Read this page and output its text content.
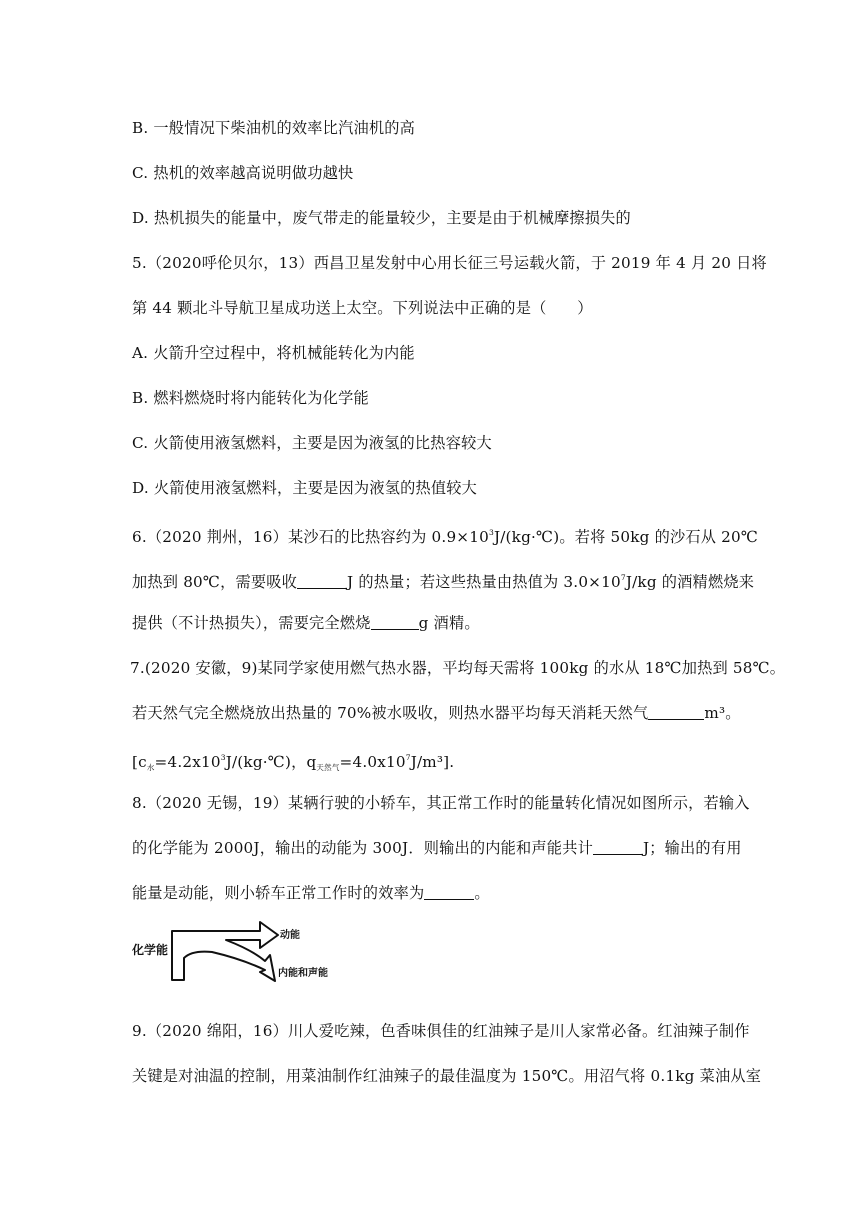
B. 一般情况下柴油机的效率比汽油机的高
C. 热机的效率越高说明做功越快
D. 热机损失的能量中，废气带走的能量较少，主要是由于机械摩擦损失的
5.（2020呼伦贝尔，13）西昌卫星发射中心用长征三号运载火箭，于 2019 年 4 月 20 日将
第 44 颗北斗导航卫星成功送上太空。下列说法中正确的是（　　）
A. 火箭升空过程中，将机械能转化为内能
B. 燃料燃烧时将内能转化为化学能
C. 火箭使用液氢燃料，主要是因为液氢的比热容较大
D. 火箭使用液氢燃料，主要是因为液氢的热值较大
6.（2020 荆州，16）某沙石的比热容约为 $0.9\times 10^3J/(kg\cdot℃)$。若将 50kg 的沙石从 20℃
加热到 80℃，需要吸收	J 的热量；若这些热量由热值为 $3.0\times 10^7J/kg$ 的酒精燃烧来
提供（不计热损失），需要完全燃烧	g 酒精。
7.(2020 安徽，9)某同学家使用燃气热水器，平均每天需将 100kg 的水从 18℃加热到 58℃。
若天然气完全燃烧放出热量的 70%被水吸收，则热水器平均每天消耗天然气	m³。
[$c_水=4.2x10^3J/(kg\cdot℃)$，$q_{天然气}=4.0x10^7J/m^3$].
8.（2020 无锡，19）某辆行驶的小轿车，其正常工作时的能量转化情况如图所示，若输入
的化学能为 2000J，输出的动能为 300J．则输出的内能和声能共计	J；输出的有用
能量是动能，则小轿车正常工作时的效率为	。
化学能
动能
内能和声能
9.（2020 绵阳，16）川人爱吃辣，色香味俱佳的红油辣子是川人家常必备。红油辣子制作
关键是对油温的控制，用菜油制作红油辣子的最佳温度为 150℃。用沼气将 0.1kg 菜油从室
